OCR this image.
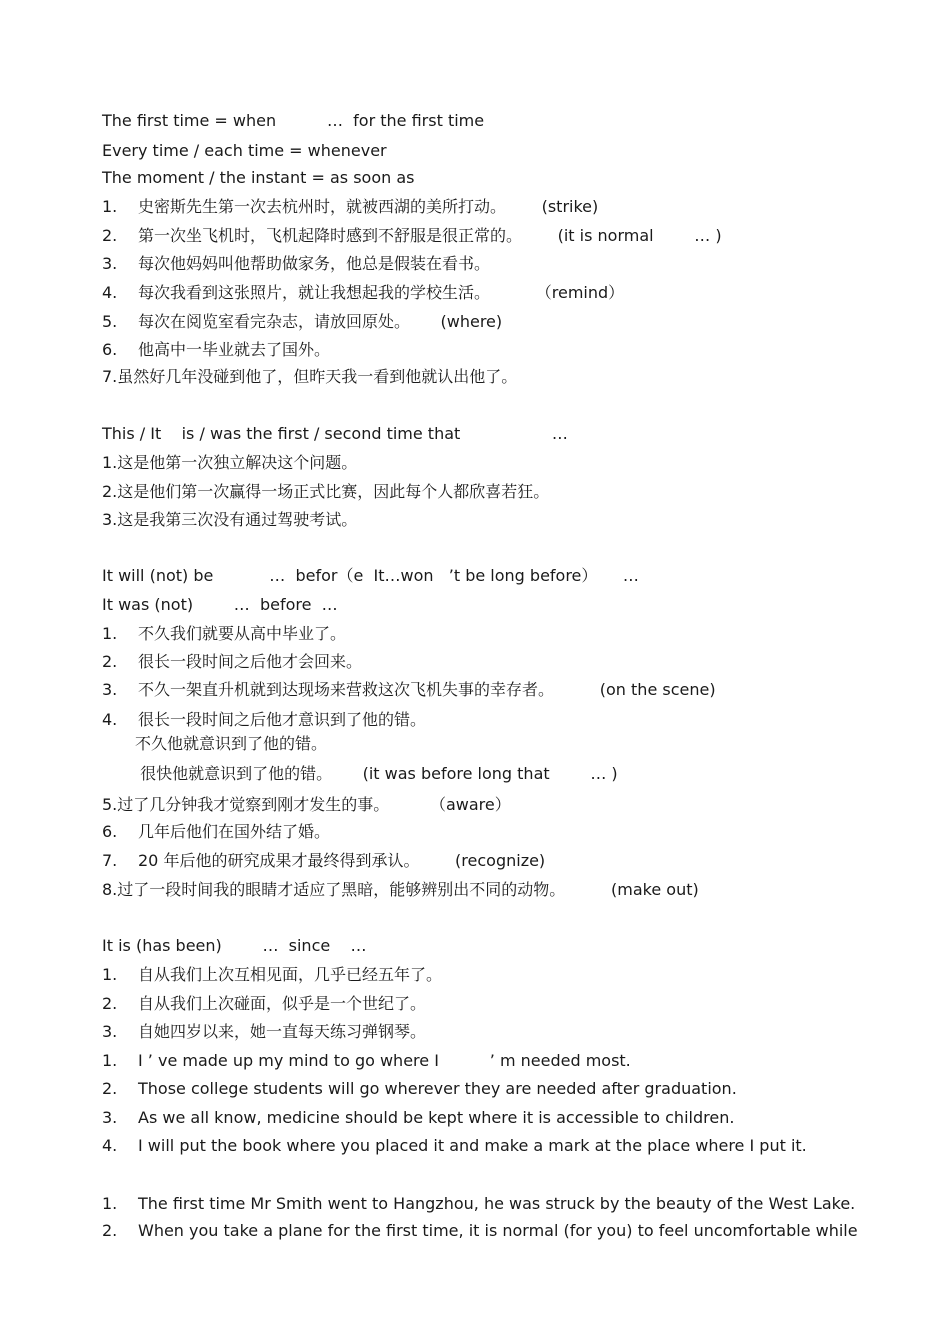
The first time = when          …  for the first time
Every time / each time = whenever
The moment / the instant = as soon as
1. 史密斯先生第一次去杭州时，就被西湖的美所打动。       (strike)
2. 第一次坐飞机时，飞机起降时感到不舒服是很正常的。       (it is normal        … )
3. 每次他妈妈叫他帮助做家务，他总是假装在看书。
4. 每次我看到这张照片，就让我想起我的学校生活。         （remind）
5. 每次在阅览室看完杂志，请放回原处。      (where)
6. 他高中一毕业就去了国外。
7.虽然好几年没碰到他了，但昨天我一看到他就认出他了。
This / It    is / was the first / second time that                  …
1.这是他第一次独立解决这个问题。
2.这是他们第一次赢得一场正式比赛，因此每个人都欣喜若狂。
3.这是我第三次没有通过驾驶考试。
It will (not) be           …  befor（e  It…won   ’t be long before）     …
It was (not)        …  before  …
1. 不久我们就要从高中毕业了。
2. 很长一段时间之后他才会回来。
3. 不久一架直升机就到达现场来营救这次飞机失事的幸存者。         (on the scene)
4. 很长一段时间之后他才意识到了他的错。
不久他就意识到了他的错。
很快他就意识到了他的错。      (it was before long that        … )
5.过了几分钟我才觉察到刚才发生的事。        （aware）
6. 几年后他们在国外结了婚。
7. 20 年后他的研究成果才最终得到承认。       (recognize)
8.过了一段时间我的眼睛才适应了黑暗，能够辨别出不同的动物。         (make out)
It is (has been)        …  since    …
1. 自从我们上次互相见面，几乎已经五年了。
2. 自从我们上次碰面，似乎是一个世纪了。
3. 自她四岁以来，她一直每天练习弹钢琴。
1. I ’ ve made up my mind to go where I          ’ m needed most.
2. Those college students will go wherever they are needed after graduation.
3. As we all know, medicine should be kept where it is accessible to children.
4. I will put the book where you placed it and make a mark at the place where I put it.
1. The first time Mr Smith went to Hangzhou, he was struck by the beauty of the West Lake.
2. When you take a plane for the first time, it is normal (for you) to feel uncomfortable while
